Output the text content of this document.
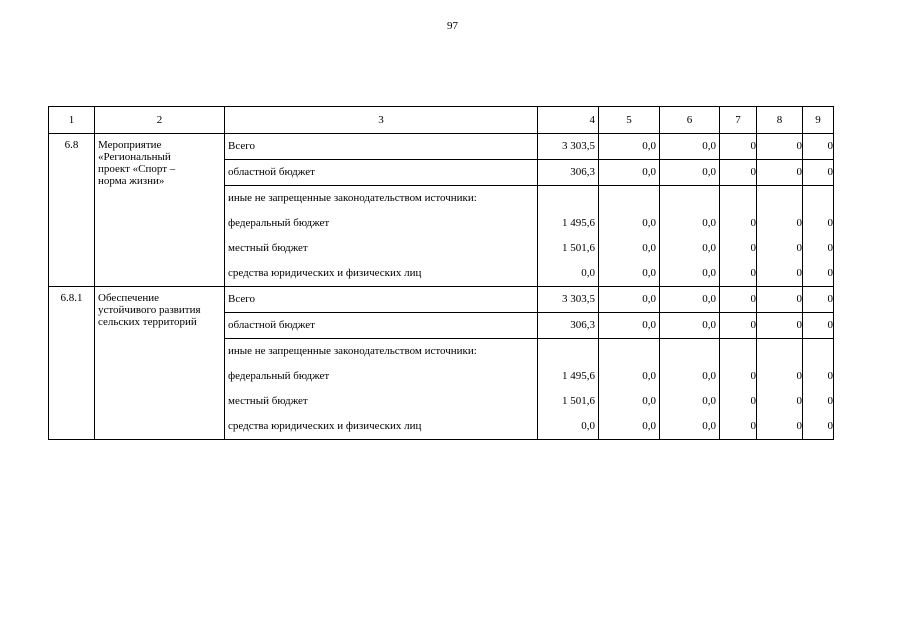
97
1	2	3	4	5	6	7	8	9
6.8	Мероприятие
«Региональный
проект «Спорт –
норма жизни»	Всего	3 303,5	0,0	0,0	0	0	0
		областной бюджет	306,3	0,0	0,0	0	0	0
		иные не запрещенные законодательством источники:						
		федеральный бюджет	1 495,6	0,0	0,0	0	0	0
		местный бюджет	1 501,6	0,0	0,0	0	0	0
		средства юридических и физических лиц	0,0	0,0	0,0	0	0	0
6.8.1	Обеспечение
устойчивого развития
сельских территорий	Всего	3 303,5	0,0	0,0	0	0	0
		областной бюджет	306,3	0,0	0,0	0	0	0
		иные не запрещенные законодательством источники:						
		федеральный бюджет	1 495,6	0,0	0,0	0	0	0
		местный бюджет	1 501,6	0,0	0,0	0	0	0
		средства юридических и физических лиц	0,0	0,0	0,0	0	0	0
